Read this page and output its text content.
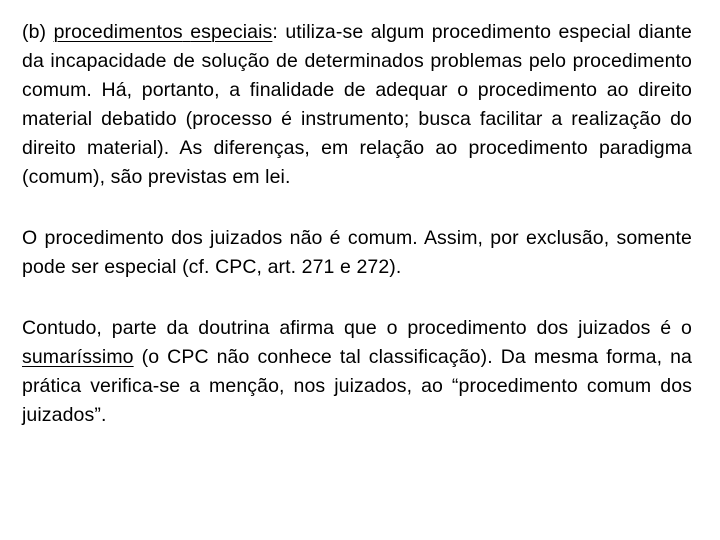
(b) procedimentos especiais: utiliza-se algum procedimento especial diante da incapacidade de solução de determinados problemas pelo procedimento comum. Há, portanto, a finalidade de adequar o procedimento ao direito material debatido (processo é instrumento; busca facilitar a realização do direito material). As diferenças, em relação ao procedimento paradigma (comum), são previstas em lei.

O procedimento dos juizados não é comum. Assim, por exclusão, somente pode ser especial (cf. CPC, art. 271 e 272).

Contudo, parte da doutrina afirma que o procedimento dos juizados é o sumaríssimo (o CPC não conhece tal classificação). Da mesma forma, na prática verifica-se a menção, nos juizados, ao “procedimento comum dos juizados”.
